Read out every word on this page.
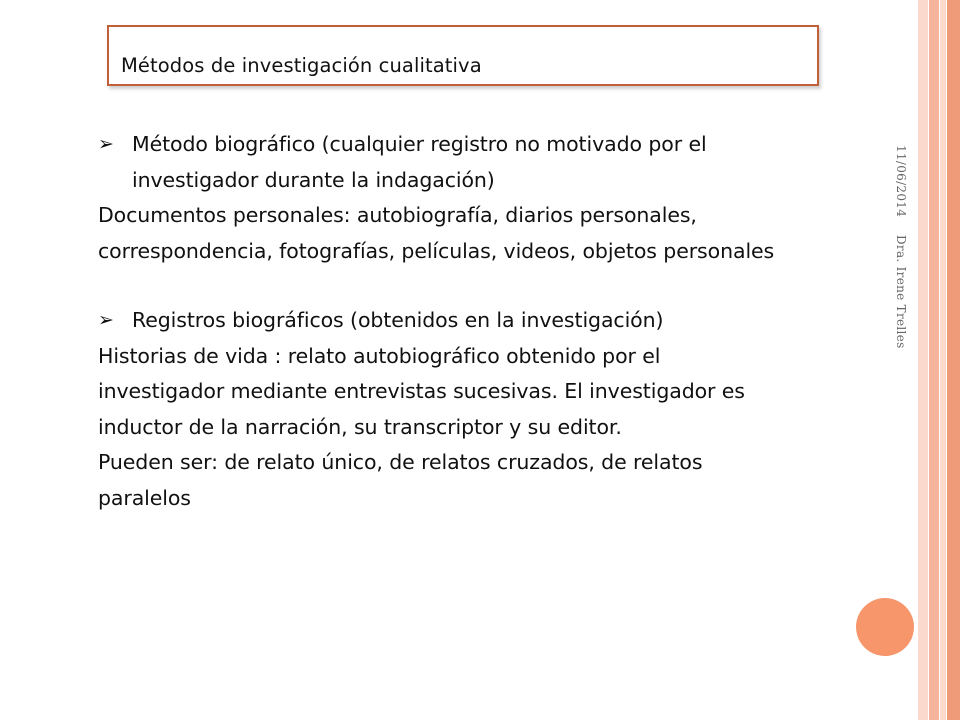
Métodos de investigación cualitativa
➢ Método biográfico (cualquier registro no motivado por el
investigador durante la indagación)
Documentos personales: autobiografía, diarios personales,
correspondencia, fotografías, películas, videos, objetos personales
➢ Registros biográficos (obtenidos en la investigación)
Historias de vida : relato autobiográfico obtenido por el
investigador mediante entrevistas sucesivas. El investigador es
inductor de la narración, su transcriptor y su editor.
Pueden ser: de relato único, de relatos cruzados, de relatos
paralelos
11/06/2014 Dra. Irene Trelles
